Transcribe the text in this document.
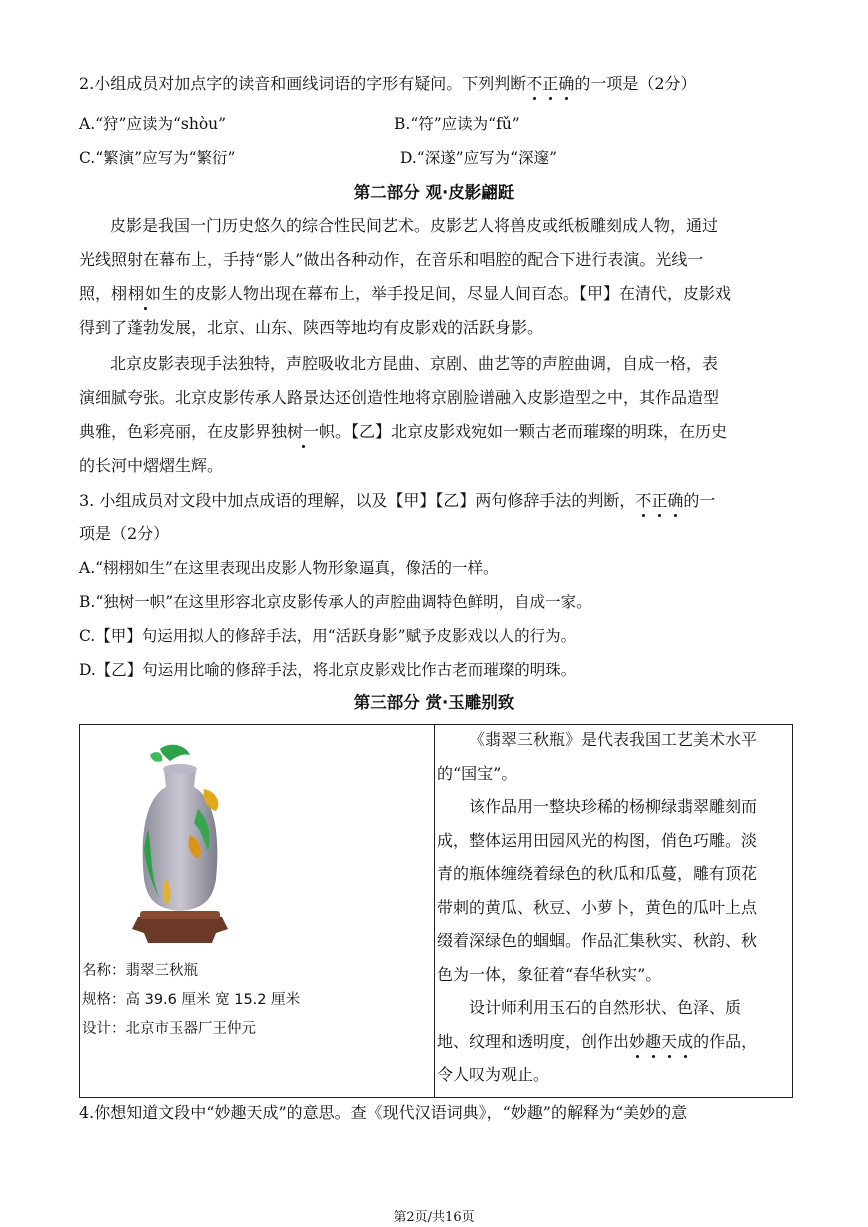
2.小组成员对加点字的读音和画线词语的字形有疑问。下列判断不正确的一项是（2分）
A.“狩”应读为“shòu”	B.“符”应读为“fǔ”
C.“繁演”应写为“繁衍”	D.“深遂”应写为“深邃”
第二部分 观·皮影翩跹
皮影是我国一门历史悠久的综合性民间艺术。皮影艺人将兽皮或纸板雕刻成人物，通过
光线照射在幕布上，手持“影人”做出各种动作，在音乐和唱腔的配合下进行表演。光线一
照，栩栩如生的皮影人物出现在幕布上，举手投足间，尽显人间百态。【甲】在清代，皮影戏
得到了蓬勃发展，北京、山东、陕西等地均有皮影戏的活跃身影。
北京皮影表现手法独特，声腔吸收北方昆曲、京剧、曲艺等的声腔曲调，自成一格，表
演细腻夸张。北京皮影传承人路景达还创造性地将京剧脸谱融入皮影造型之中，其作品造型
典雅，色彩亮丽，在皮影界独树一帜。【乙】北京皮影戏宛如一颗古老而璀璨的明珠，在历史
的长河中熠熠生辉。
3. 小组成员对文段中加点成语的理解，以及【甲】【乙】两句修辞手法的判断，不正确的一
项是（2分）
A.“栩栩如生”在这里表现出皮影人物形象逼真，像活的一样。
B.“独树一帜”在这里形容北京皮影传承人的声腔曲调特色鲜明，自成一家。
C.【甲】句运用拟人的修辞手法，用“活跃身影”赋予皮影戏以人的行为。
D.【乙】句运用比喻的修辞手法，将北京皮影戏比作古老而璀璨的明珠。
第三部分 赏·玉雕别致
名称：翡翠三秋瓶
规格：高 39.6 厘米 宽 15.2 厘米
设计：北京市玉器厂王仲元

《翡翠三秋瓶》是代表我国工艺美术水平
的“国宝”。
该作品用一整块珍稀的杨柳绿翡翠雕刻而
成，整体运用田园风光的构图，俏色巧雕。淡
青的瓶体缠绕着绿色的秋瓜和瓜蔓，雕有顶花
带刺的黄瓜、秋豆、小萝卜，黄色的瓜叶上点
缀着深绿色的蝈蝈。作品汇集秋实、秋韵、秋
色为一体，象征着“春华秋实”。
设计师利用玉石的自然形状、色泽、质
地、纹理和透明度，创作出妙趣天成的作品，
令人叹为观止。
4.你想知道文段中“妙趣天成”的意思。查《现代汉语词典》，“妙趣”的解释为“美妙的意
第2页/共16页
